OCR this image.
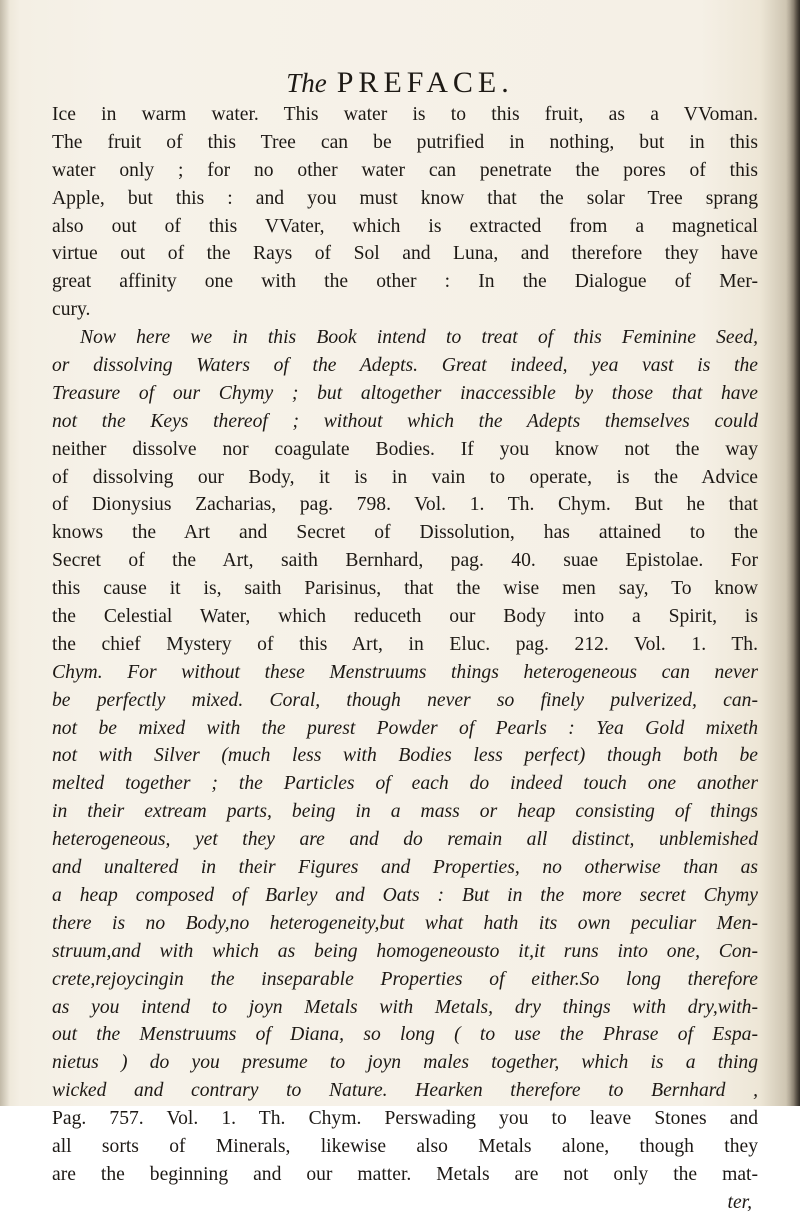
The PREFACE.
Ice in warm water. This water is to this fruit, as a VVoman.
The fruit of this Tree can be putrified in nothing, but in this
water only ; for no other water can penetrate the pores of this
Apple, but this : and you must know that the solar Tree sprang
also out of this VVater, which is extracted from a magnetical
virtue out of the Rays of Sol and Luna, and therefore they have
great affinity one with the other : In the Dialogue of Mer-
cury.
Now here we in this Book intend to treat of this Feminine Seed,
or dissolving Waters of the Adepts. Great indeed, yea vast is the
Treasure of our Chymy ; but altogether inaccessible by those that have
not the Keys thereof ; without which the Adepts themselves could
neither dissolve nor coagulate Bodies. If you know not the way
of dissolving our Body, it is in vain to operate, is the Advice
of Dionysius Zacharias, pag. 798. Vol. 1. Th. Chym. But he that
knows the Art and Secret of Dissolution, has attained to the
Secret of the Art, saith Bernhard, pag. 40. suae Epistolae. For
this cause it is, saith Parisinus, that the wise men say, To know
the Celestial Water, which reduceth our Body into a Spirit, is
the chief Mystery of this Art, in Eluc. pag. 212. Vol. 1. Th.
Chym. For without these Menstruums things heterogeneous can never
be perfectly mixed. Coral, though never so finely pulverized, can-
not be mixed with the purest Powder of Pearls : Yea Gold mixeth
not with Silver (much less with Bodies less perfect) though both be
melted together ; the Particles of each do indeed touch one another
in their extream parts, being in a mass or heap consisting of things
heterogeneous, yet they are and do remain all distinct, unblemished
and unaltered in their Figures and Properties, no otherwise than as
a heap composed of Barley and Oats : But in the more secret Chymy
there is no Body,no heterogeneity,but what hath its own peculiar Men-
struum,and with which as being homogeneousto it,it runs into one, Con-
crete,rejoycingin the inseparable Properties of either.So long therefore
as you intend to joyn Metals with Metals, dry things with dry,with-
out the Menstruums of Diana, so long ( to use the Phrase of Espa-
nietus ) do you presume to joyn males together, which is a thing
wicked and contrary to Nature. Hearken therefore to Bernhard ,
Pag. 757. Vol. 1. Th. Chym. Perswading you to leave Stones and
all sorts of Minerals, likewise also Metals alone, though they
are the beginning and our matter. Metals are not only the mat-
ter,
